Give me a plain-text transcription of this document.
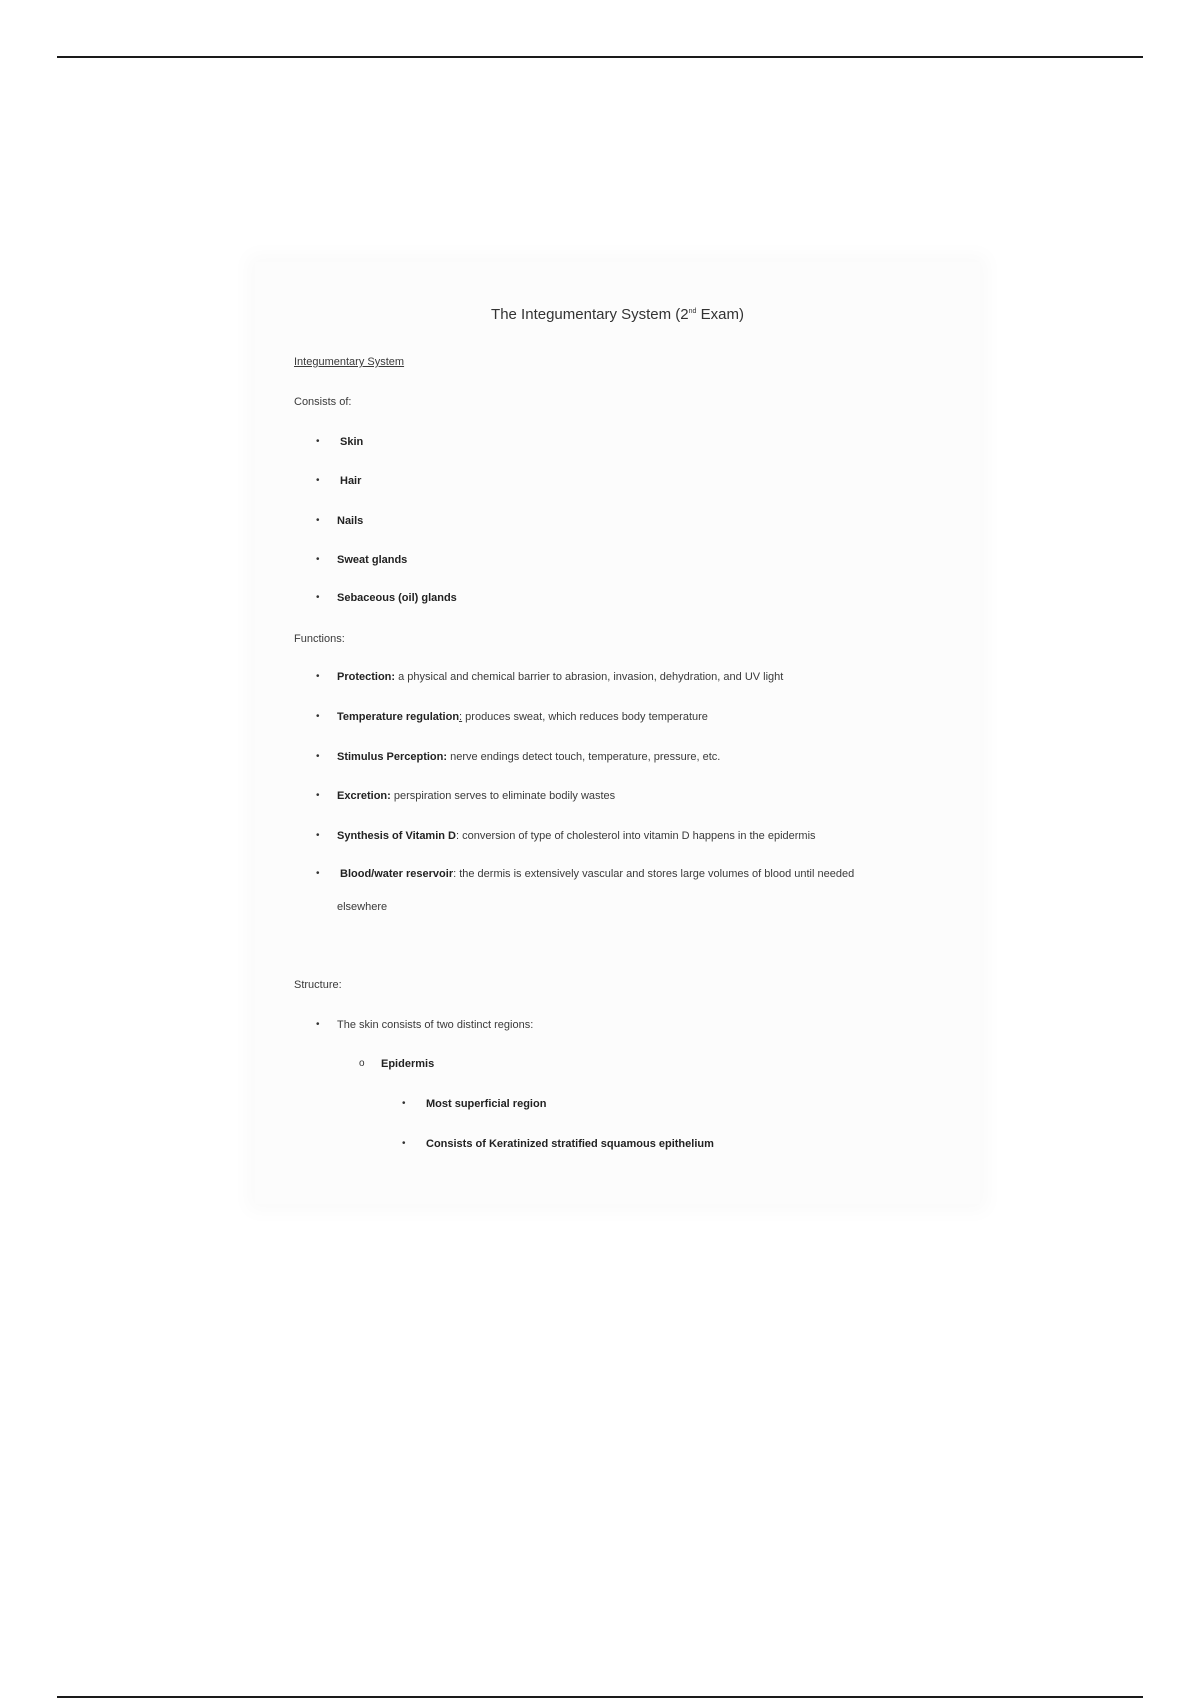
The Integumentary System (2nd Exam)

Integumentary System

Consists of:

• Skin

• Hair

• Nails

• Sweat glands

• Sebaceous (oil) glands

Functions:

• Protection: a physical and chemical barrier to abrasion, invasion, dehydration, and UV light

• Temperature regulation: produces sweat, which reduces body temperature

• Stimulus Perception: nerve endings detect touch, temperature, pressure, etc.

• Excretion: perspiration serves to eliminate bodily wastes

• Synthesis of Vitamin D: conversion of type of cholesterol into vitamin D happens in the epidermis

• Blood/water reservoir: the dermis is extensively vascular and stores large volumes of blood until needed

elsewhere

Structure:

• The skin consists of two distinct regions:

o Epidermis

• Most superficial region

• Consists of Keratinized stratified squamous epithelium
